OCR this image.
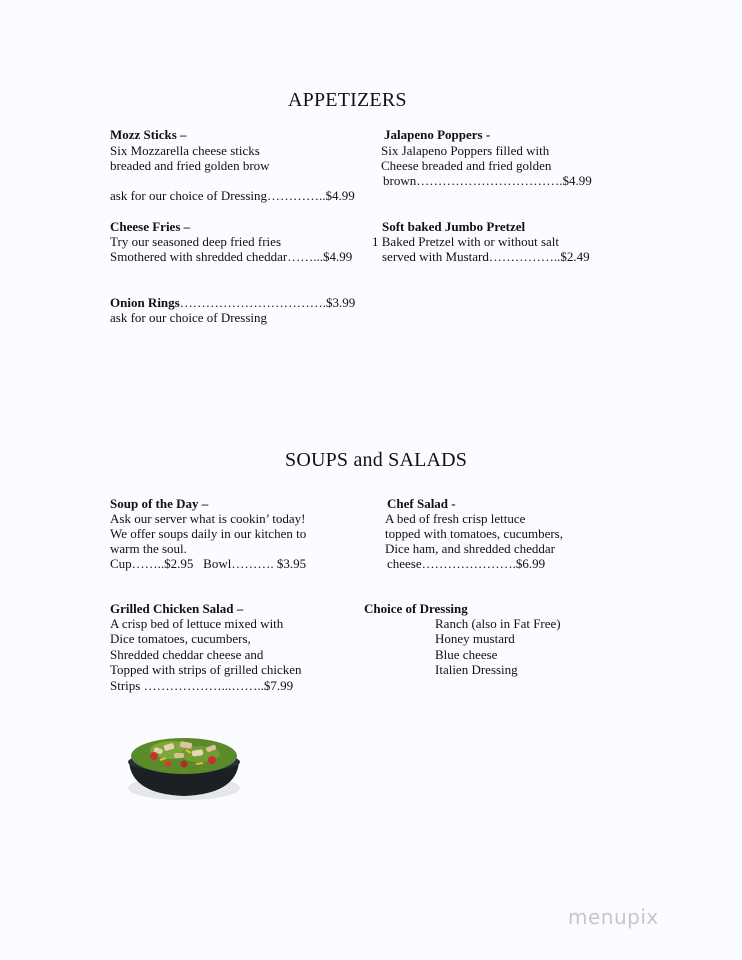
APPETIZERS
Mozz Sticks –
Six Mozzarella cheese sticks
breaded and fried golden brow
ask for our choice of Dressing…………..$4.99
Jalapeno Poppers -
Six Jalapeno Poppers filled with
Cheese breaded and fried golden
brown…………………………….$4.99
Cheese Fries –
Try our seasoned deep fried fries
Smothered with shredded cheddar……...$4.99
Soft baked Jumbo Pretzel
1 Baked Pretzel with or without salt
served with Mustard……………..$2.49
Onion Rings…………………………….$3.99
ask for our choice of Dressing
SOUPS and SALADS
Soup of the Day –
Ask our server what is cookin’ today!
We offer soups daily in our kitchen to
warm the soul.
Cup……..$2.95   Bowl………. $3.95
Chef Salad -
A bed of fresh crisp lettuce
topped with tomatoes, cucumbers,
Dice ham, and shredded cheddar
cheese………………….$6.99
Grilled Chicken Salad –
A crisp bed of lettuce mixed with
Dice tomatoes, cucumbers,
Shredded cheddar cheese and
Topped with strips of grilled chicken
Strips ………………...……..$7.99
Choice of Dressing
Ranch (also in Fat Free)
Honey mustard
Blue cheese
Italien Dressing
menupix
